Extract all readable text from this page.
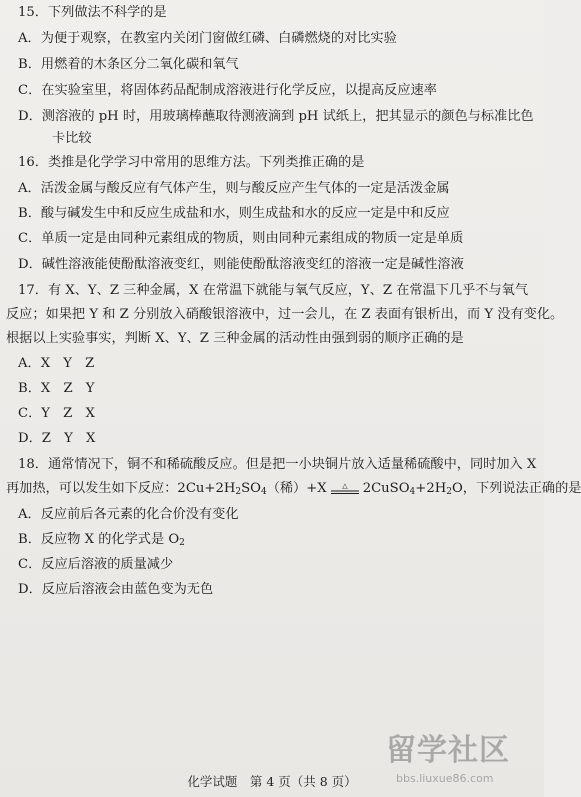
15．下列做法不科学的是
A．为便于观察，在教室内关闭门窗做红磷、白磷燃烧的对比实验
B．用燃着的木条区分二氧化碳和氧气
C．在实验室里，将固体药品配制成溶液进行化学反应，以提高反应速率
D．测溶液的 pH 时，用玻璃棒蘸取待测液滴到 pH 试纸上，把其显示的颜色与标准比色
卡比较
16．类推是化学学习中常用的思维方法。下列类推正确的是
A．活泼金属与酸反应有气体产生，则与酸反应产生气体的一定是活泼金属
B．酸与碱发生中和反应生成盐和水，则生成盐和水的反应一定是中和反应
C．单质一定是由同种元素组成的物质，则由同种元素组成的物质一定是单质
D．碱性溶液能使酚酞溶液变红，则能使酚酞溶液变红的溶液一定是碱性溶液
17．有 X、Y、Z 三种金属，X 在常温下就能与氧气反应，Y、Z 在常温下几乎不与氧气
反应；如果把 Y 和 Z 分别放入硝酸银溶液中，过一会儿，在 Z 表面有银析出，而 Y 没有变化。
根据以上实验事实，判断 X、Y、Z 三种金属的活动性由强到弱的顺序正确的是
A．X　Y　Z
B．X　Z　Y
C．Y　Z　X
D．Z　Y　X
18．通常情况下，铜不和稀硫酸反应。但是把一小块铜片放入适量稀硫酸中，同时加入 X
再加热，可以发生如下反应：$2Cu+2H_2SO_4$（稀）+X △ $2CuSO_4+2H_2O$，下列说法正确的是
A．反应前后各元素的化合价没有变化
B．反应物 X 的化学式是 $O_2$
C．反应后溶液的质量减少
D．反应后溶液会由蓝色变为无色
化学试题　第 4 页（共 8 页）
留学社区
bbs.liuxue86.com
